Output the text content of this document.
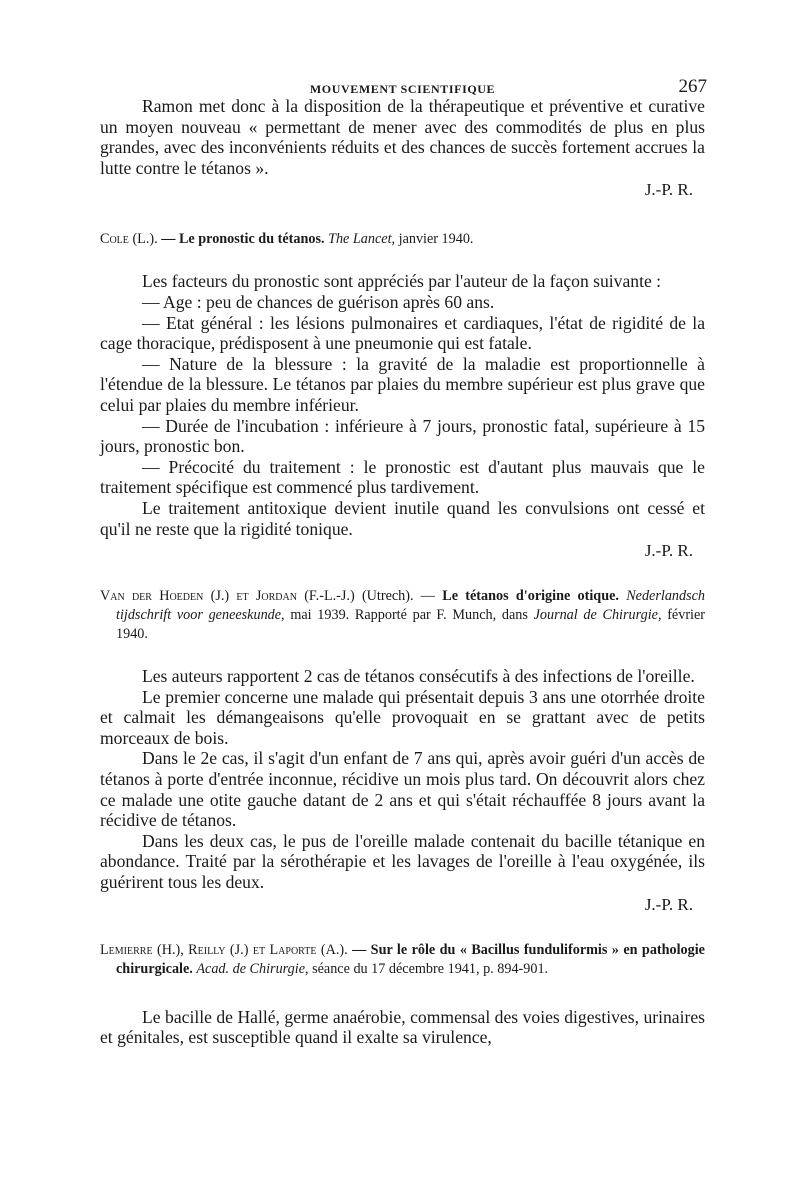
MOUVEMENT SCIENTIFIQUE	267

Ramon met donc à la disposition de la thérapeutique et préventive et curative un moyen nouveau « permettant de mener avec des commodités de plus en plus grandes, avec des inconvénients réduits et des chances de succès fortement accrues la lutte contre le tétanos ».

J.-P. R.

Cole (L.). — Le pronostic du tétanos. The Lancet, janvier 1940.

Les facteurs du pronostic sont appréciés par l'auteur de la façon suivante :

— Age : peu de chances de guérison après 60 ans.

— Etat général : les lésions pulmonaires et cardiaques, l'état de rigidité de la cage thoracique, prédisposent à une pneumonie qui est fatale.

— Nature de la blessure : la gravité de la maladie est proportionnelle à l'étendue de la blessure. Le tétanos par plaies du membre supérieur est plus grave que celui par plaies du membre inférieur.

— Durée de l'incubation : inférieure à 7 jours, pronostic fatal, supérieure à 15 jours, pronostic bon.

— Précocité du traitement : le pronostic est d'autant plus mauvais que le traitement spécifique est commencé plus tardivement.

Le traitement antitoxique devient inutile quand les convulsions ont cessé et qu'il ne reste que la rigidité tonique.

J.-P. R.

Van der Hoeden (J.) et Jordan (F.-L.-J.) (Utrech). — Le tétanos d'origine otique. Nederlandsch tijdschrift voor geneeskunde, mai 1939. Rapporté par F. Munch, dans Journal de Chirurgie, février 1940.

Les auteurs rapportent 2 cas de tétanos consécutifs à des infections de l'oreille.

Le premier concerne une malade qui présentait depuis 3 ans une otorrhée droite et calmait les démangeaisons qu'elle provoquait en se grattant avec de petits morceaux de bois.

Dans le 2e cas, il s'agit d'un enfant de 7 ans qui, après avoir guéri d'un accès de tétanos à porte d'entrée inconnue, récidive un mois plus tard. On découvrit alors chez ce malade une otite gauche datant de 2 ans et qui s'était réchauffée 8 jours avant la récidive de tétanos.

Dans les deux cas, le pus de l'oreille malade contenait du bacille tétanique en abondance. Traité par la sérothérapie et les lavages de l'oreille à l'eau oxygénée, ils guérirent tous les deux.

J.-P. R.

Lemierre (H.), Reilly (J.) et Laporte (A.). — Sur le rôle du « Bacillus funduliformis » en pathologie chirurgicale. Acad. de Chirurgie, séance du 17 décembre 1941, p. 894-901.

Le bacille de Hallé, germe anaérobie, commensal des voies digestives, urinaires et génitales, est susceptible quand il exalte sa virulence,
